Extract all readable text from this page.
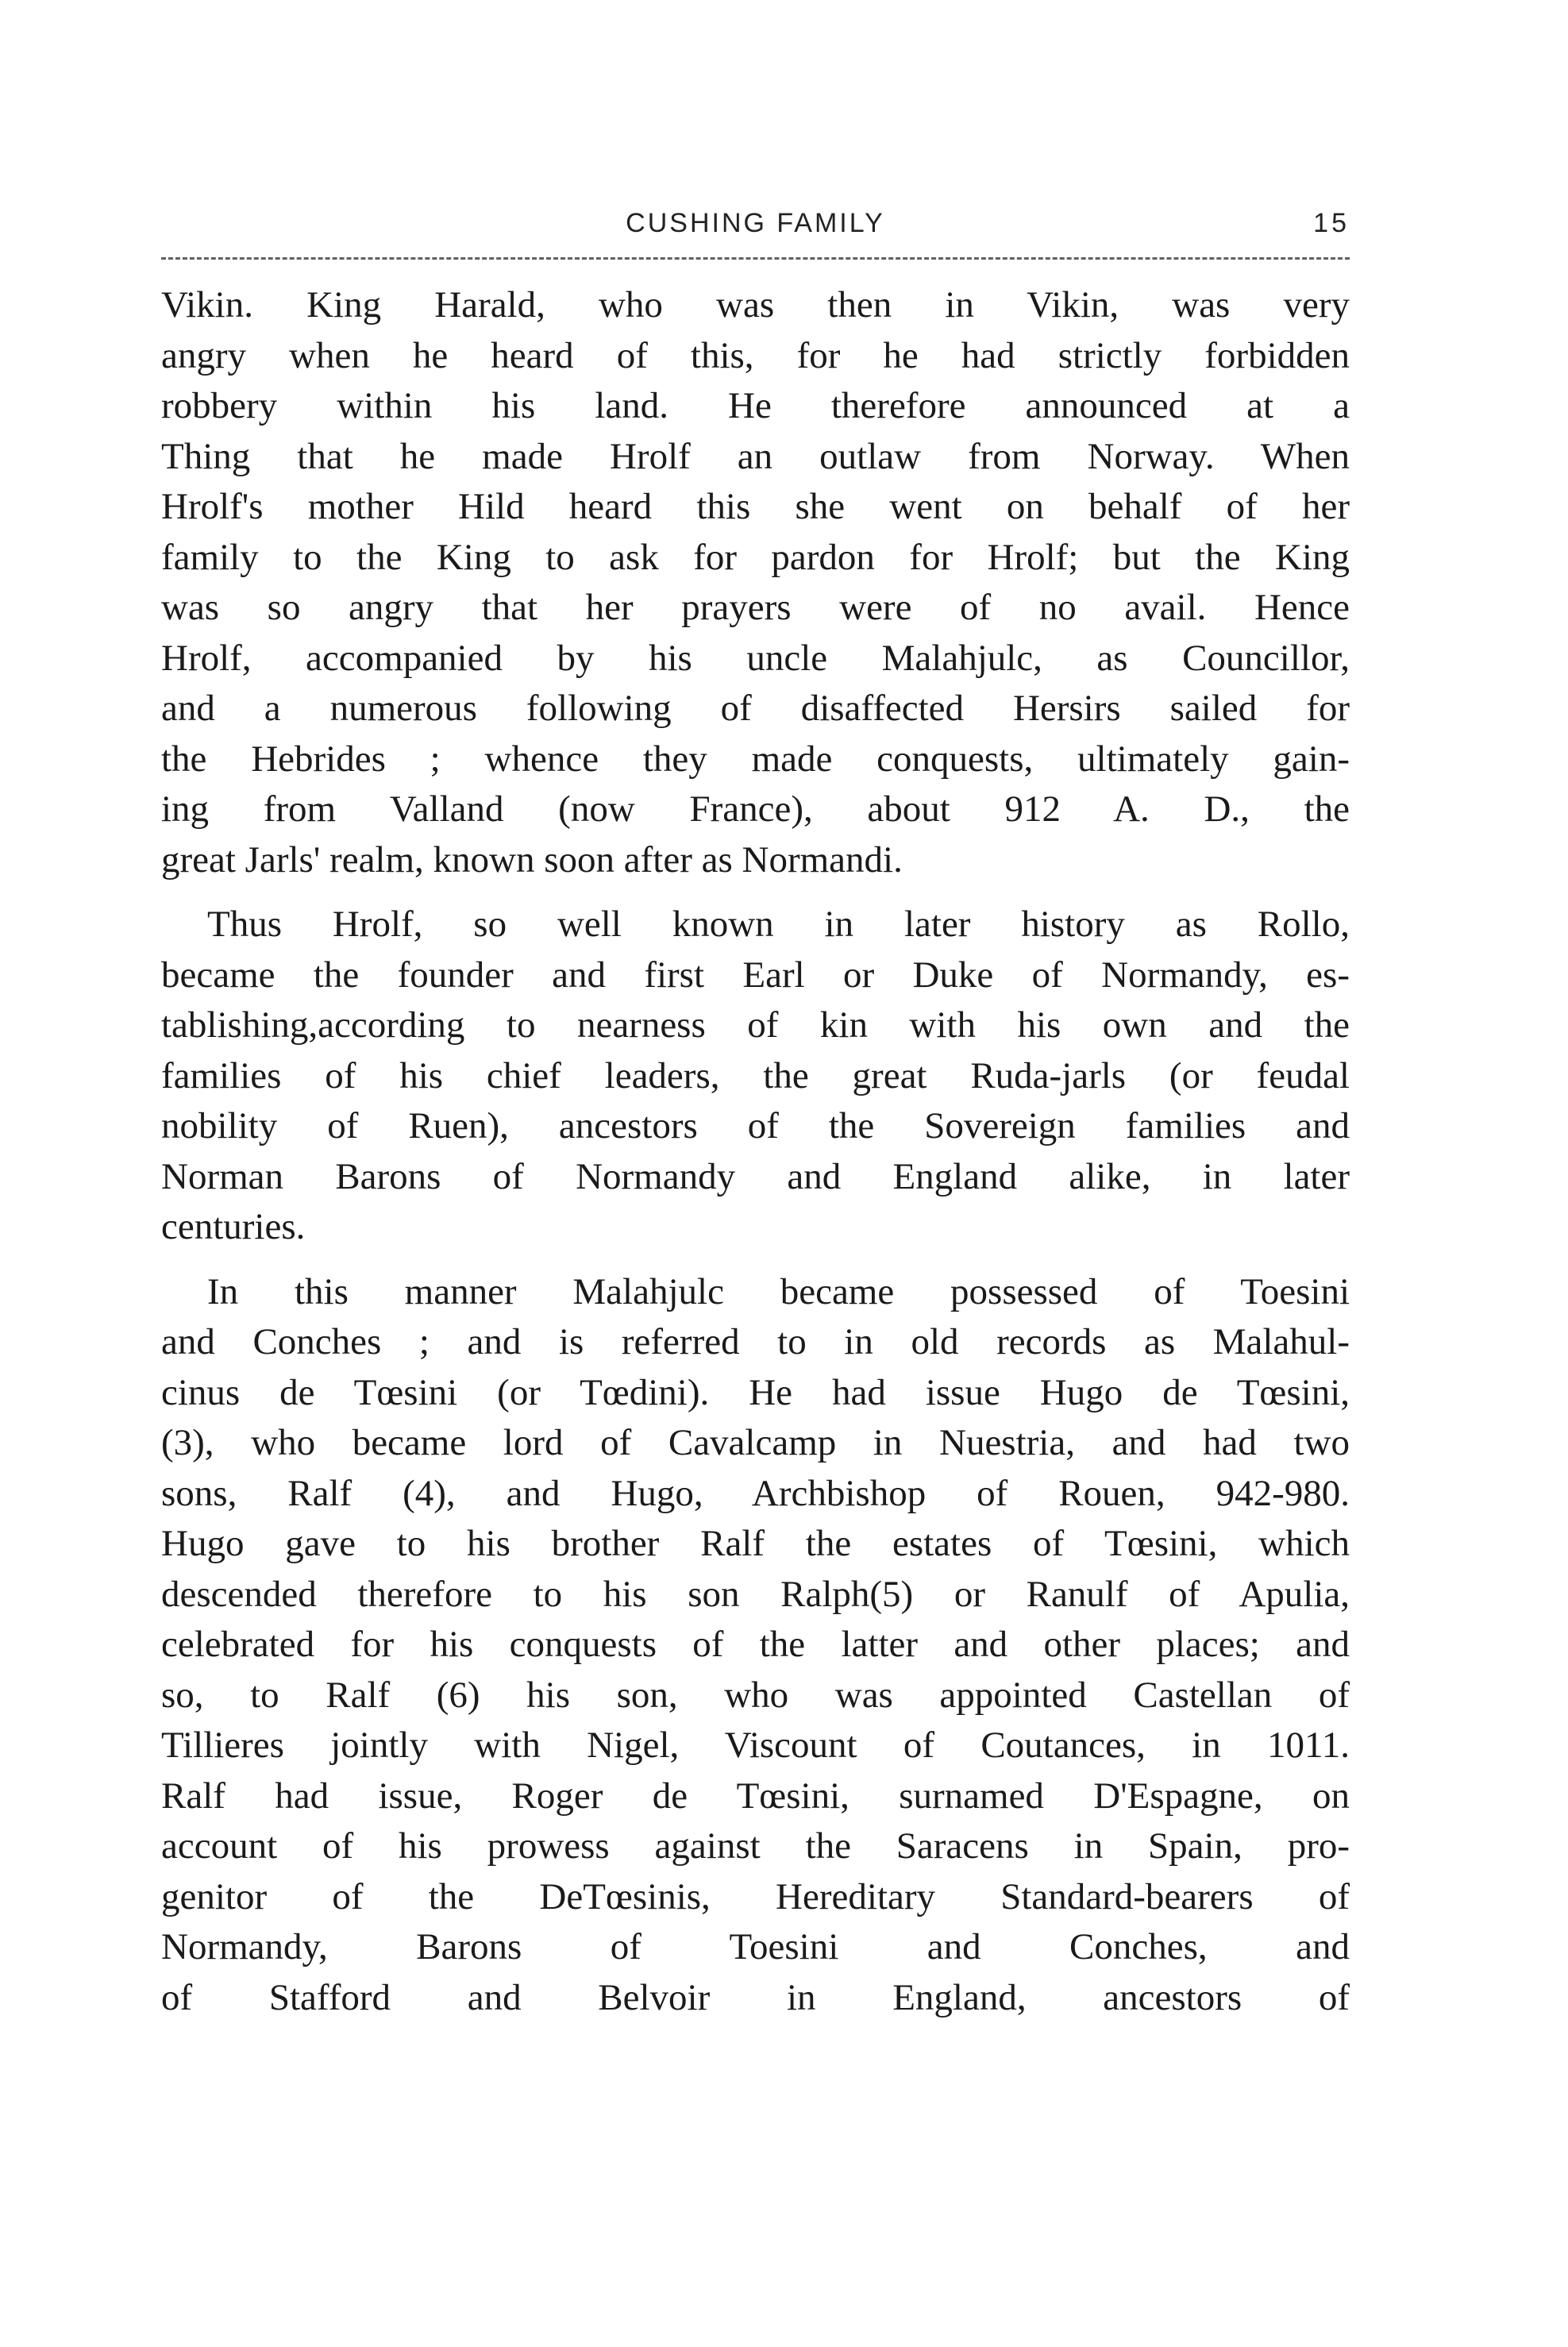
CUSHING FAMILY	15
Vikin. King Harald, who was then in Vikin, was very
angry when he heard of this, for he had strictly forbidden
robbery within his land. He therefore announced at a
Thing that he made Hrolf an outlaw from Norway. When
Hrolf's mother Hild heard this she went on behalf of her
family to the King to ask for pardon for Hrolf; but the King
was so angry that her prayers were of no avail. Hence
Hrolf, accompanied by his uncle Malahjulc, as Councillor,
and a numerous following of disaffected Hersirs sailed for
the Hebrides ; whence they made conquests, ultimately gain-
ing from Valland (now France), about 912 A. D., the
great Jarls' realm, known soon after as Normandi.
Thus Hrolf, so well known in later history as Rollo,
became the founder and first Earl or Duke of Normandy, es-
tablishing,according to nearness of kin with his own and the
families of his chief leaders, the great Ruda-jarls (or feudal
nobility of Ruen), ancestors of the Sovereign families and
Norman Barons of Normandy and England alike, in later
centuries.
In this manner Malahjulc became possessed of Toesini
and Conches ; and is referred to in old records as Malahul-
cinus de Tœsini (or Tœdini). He had issue Hugo de Tœsini,
(3), who became lord of Cavalcamp in Nuestria, and had two
sons, Ralf (4), and Hugo, Archbishop of Rouen, 942-980.
Hugo gave to his brother Ralf the estates of Tœsini, which
descended therefore to his son Ralph(5) or Ranulf of Apulia,
celebrated for his conquests of the latter and other places; and
so, to Ralf (6) his son, who was appointed Castellan of
Tillieres jointly with Nigel, Viscount of Coutances, in 1011.
Ralf had issue, Roger de Tœsini, surnamed D'Espagne, on
account of his prowess against the Saracens in Spain, pro-
genitor of the DeTœsinis, Hereditary Standard-bearers of
Normandy, Barons of Toesini and Conches, and
of Stafford and Belvoir in England, ancestors of
